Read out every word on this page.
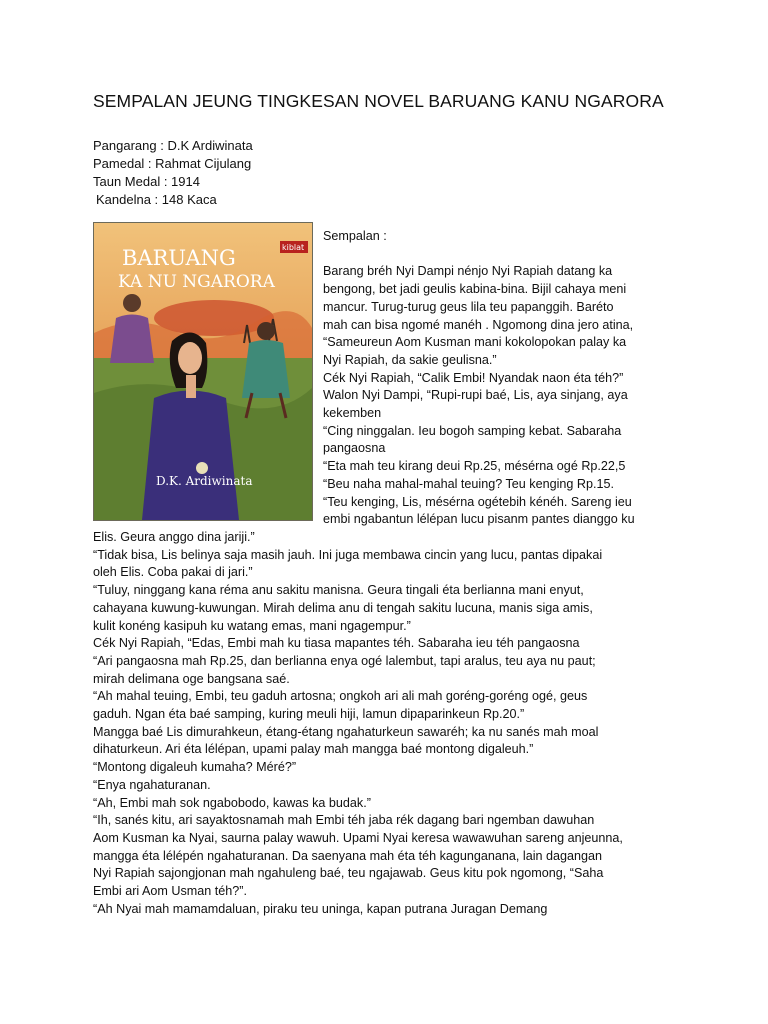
SEMPALAN JEUNG TINGKESAN NOVEL BARUANG KANU NGARORA
Pangarang : D.K Ardiwinata
Pamedal : Rahmat Cijulang
Taun Medal : 1914
Kandelna : 148 Kaca
BARUANG
KA NU NGARORA
kiblat
D.K. Ardiwinata
Sempalan :
Barang bréh Nyi Dampi nénjo Nyi Rapiah datang ka
bengong, bet jadi geulis kabina-bina. Bijil cahaya meni
mancur. Turug-turug geus lila teu papanggih. Baréto
mah can bisa ngomé manéh . Ngomong dina jero atina,
“Sameureun Aom Kusman mani kokolopokan palay ka
Nyi Rapiah, da sakie geulisna.”
Cék Nyi Rapiah, “Calik Embi! Nyandak naon éta téh?”
Walon Nyi Dampi, “Rupi-rupi baé, Lis, aya sinjang, aya
kekemben
“Cing ninggalan. Ieu bogoh samping kebat. Sabaraha
pangaosna
“Eta mah teu kirang deui Rp.25, mésérna ogé Rp.22,5
“Beu naha mahal-mahal teuing? Teu kenging Rp.15.
“Teu kenging, Lis, mésérna ogétebih kénéh. Sareng ieu
embi ngabantun lélépan lucu pisanm pantes dianggo ku
Elis. Geura anggo dina jariji.”
“Tidak bisa, Lis belinya saja masih jauh. Ini juga membawa cincin yang lucu, pantas dipakai
oleh Elis. Coba pakai di jari.”
“Tuluy, ninggang kana réma anu sakitu manisna. Geura tingali éta berlianna mani enyut,
cahayana kuwung-kuwungan. Mirah delima anu di tengah sakitu lucuna, manis siga amis,
kulit konéng kasipuh ku watang emas, mani ngagempur.”
Cék Nyi Rapiah, “Edas, Embi mah ku tiasa mapantes téh. Sabaraha ieu téh pangaosna
“Ari pangaosna mah Rp.25, dan berlianna enya ogé lalembut, tapi aralus, teu aya nu paut;
mirah delimana oge bangsana saé.
“Ah mahal teuing, Embi, teu gaduh artosna; ongkoh ari ali mah goréng-goréng ogé, geus
gaduh. Ngan éta baé samping, kuring meuli hiji, lamun dipaparinkeun Rp.20.”
Mangga baé Lis dimurahkeun, étang-étang ngahaturkeun sawaréh; ka nu sanés mah moal
dihaturkeun. Ari éta lélépan, upami palay mah mangga baé montong digaleuh.”
“Montong digaleuh kumaha? Méré?”
“Enya ngahaturanan.
“Ah, Embi mah sok ngabobodo, kawas ka budak.”
“Ih, sanés kitu, ari sayaktosnamah mah Embi téh jaba rék dagang bari ngemban dawuhan
Aom Kusman ka Nyai, saurna palay wawuh. Upami Nyai keresa wawawuhan sareng anjeunna,
mangga éta lélépén ngahaturanan. Da saenyana mah éta téh kagunganana, lain dagangan
Nyi Rapiah sajongjonan mah ngahuleng baé, teu ngajawab. Geus kitu pok ngomong, “Saha
Embi ari Aom Usman téh?”.
“Ah Nyai mah mamamdaluan, piraku teu uninga, kapan putrana Juragan Demang
